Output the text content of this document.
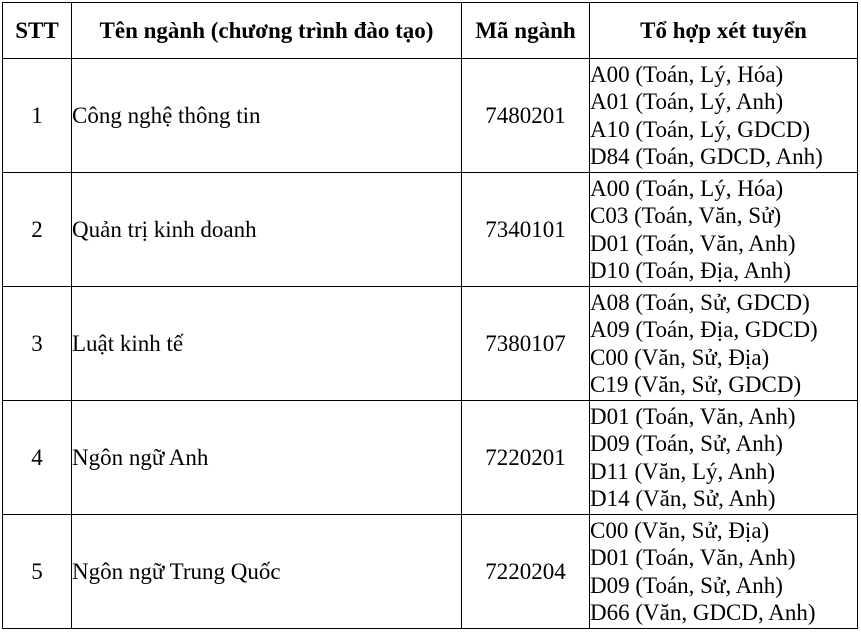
STT	Tên ngành (chương trình đào tạo)	Mã ngành	Tổ hợp xét tuyển
1	Công nghệ thông tin	7480201	A00 (Toán, Lý, Hóa)
A01 (Toán, Lý, Anh)
A10 (Toán, Lý, GDCD)
D84 (Toán, GDCD, Anh)

2	Quản trị kinh doanh	7340101	A00 (Toán, Lý, Hóa)
C03 (Toán, Văn, Sử)
D01 (Toán, Văn, Anh)
D10 (Toán, Địa, Anh)

3	Luật kinh tế	7380107	A08 (Toán, Sử, GDCD)
A09 (Toán, Địa, GDCD)
C00 (Văn, Sử, Địa)
C19 (Văn, Sử, GDCD)

4	Ngôn ngữ Anh	7220201	D01 (Toán, Văn, Anh)
D09 (Toán, Sử, Anh)
D11 (Văn, Lý, Anh)
D14 (Văn, Sử, Anh)

5	Ngôn ngữ Trung Quốc	7220204	C00 (Văn, Sử, Địa)
D01 (Toán, Văn, Anh)
D09 (Toán, Sử, Anh)
D66 (Văn, GDCD, Anh)
